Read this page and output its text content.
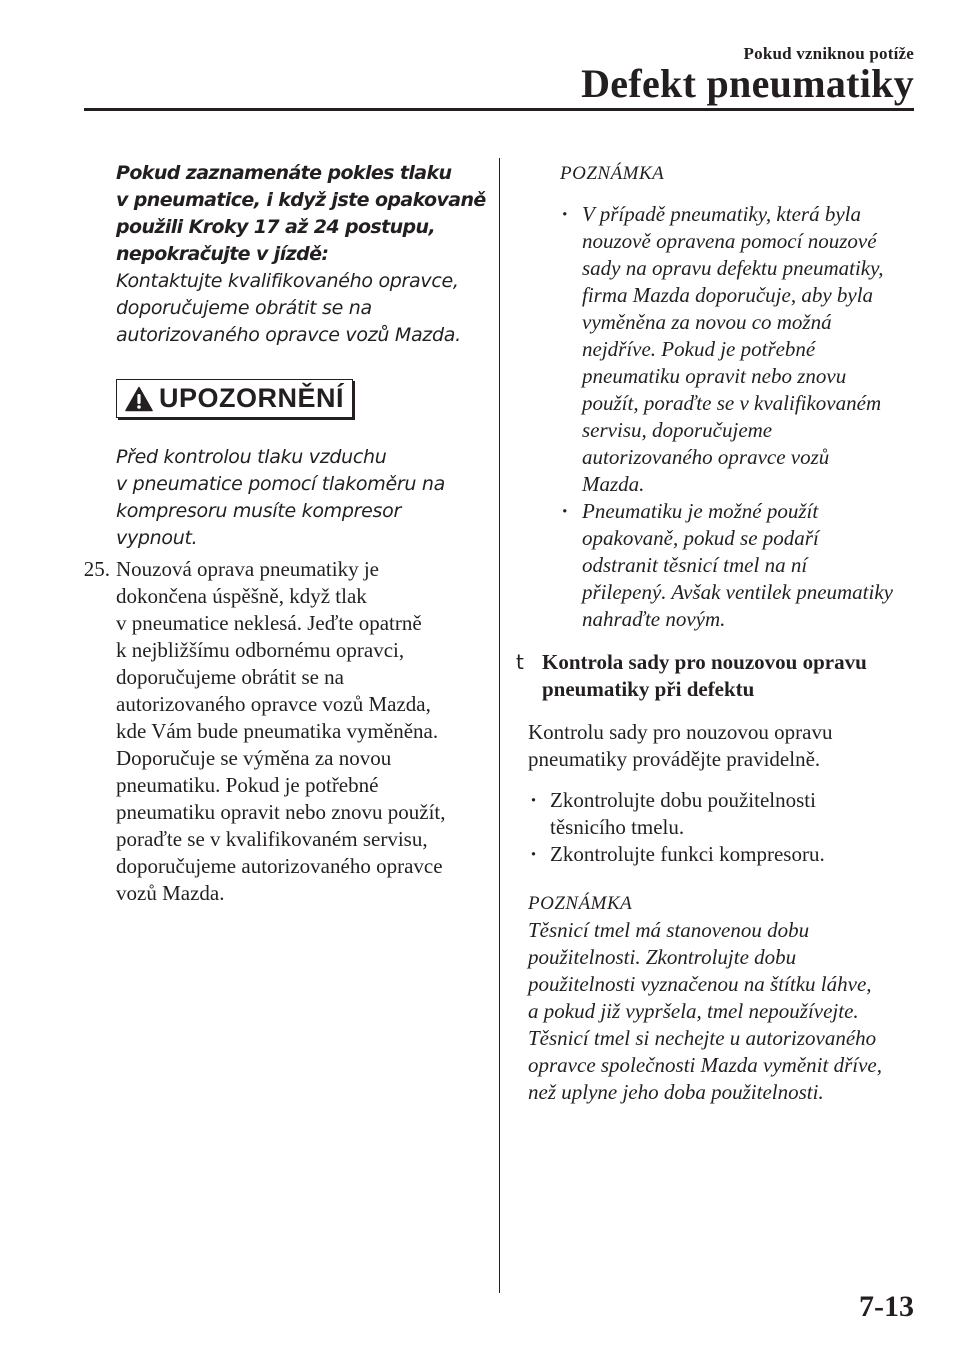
Pokud vzniknou potíže
Defekt pneumatiky

Pokud zaznamenáte pokles tlaku

v pneumatice, i když jste opakovaně

použili Kroky 17 až 24 postupu,

nepokračujte v jízdě:

Kontaktujte kvalifikovaného opravce,

doporučujeme obrátit se na

autorizovaného opravce vozů Mazda.

UPOZORNĚNÍ

Před kontrolou tlaku vzduchu

v pneumatice pomocí tlakoměru na

kompresoru musíte kompresor

vypnout.

25. Nouzová oprava pneumatiky je

dokončena úspěšně, když tlak

v pneumatice neklesá. Jeďte opatrně

k nejbližšímu odbornému opravci,

doporučujeme obrátit se na

autorizovaného opravce vozů Mazda,

kde Vám bude pneumatika vyměněna.

Doporučuje se výměna za novou

pneumatiku. Pokud je potřebné

pneumatiku opravit nebo znovu použít,

poraďte se v kvalifikovaném servisu,

doporučujeme autorizovaného opravce

vozů Mazda.

POZNÁMKA

· V případě pneumatiky, která byla

nouzově opravena pomocí nouzové

sady na opravu defektu pneumatiky,

firma Mazda doporučuje, aby byla

vyměněna za novou co možná

nejdříve. Pokud je potřebné

pneumatiku opravit nebo znovu

použít, poraďte se v kvalifikovaném

servisu, doporučujeme

autorizovaného opravce vozů

Mazda.

· Pneumatiku je možné použít

opakovaně, pokud se podaří

odstranit těsnicí tmel na ní

přilepený. Avšak ventilek pneumatiky

nahraďte novým.

t Kontrola sady pro nouzovou opravu

pneumatiky při defektu

Kontrolu sady pro nouzovou opravu

pneumatiky provádějte pravidelně.

· Zkontrolujte dobu použitelnosti

těsnicího tmelu.

· Zkontrolujte funkci kompresoru.

POZNÁMKA

Těsnicí tmel má stanovenou dobu

použitelnosti. Zkontrolujte dobu

použitelnosti vyznačenou na štítku láhve,

a pokud již vypršela, tmel nepoužívejte.

Těsnicí tmel si nechejte u autorizovaného

opravce společnosti Mazda vyměnit dříve,

než uplyne jeho doba použitelnosti.

7-13
